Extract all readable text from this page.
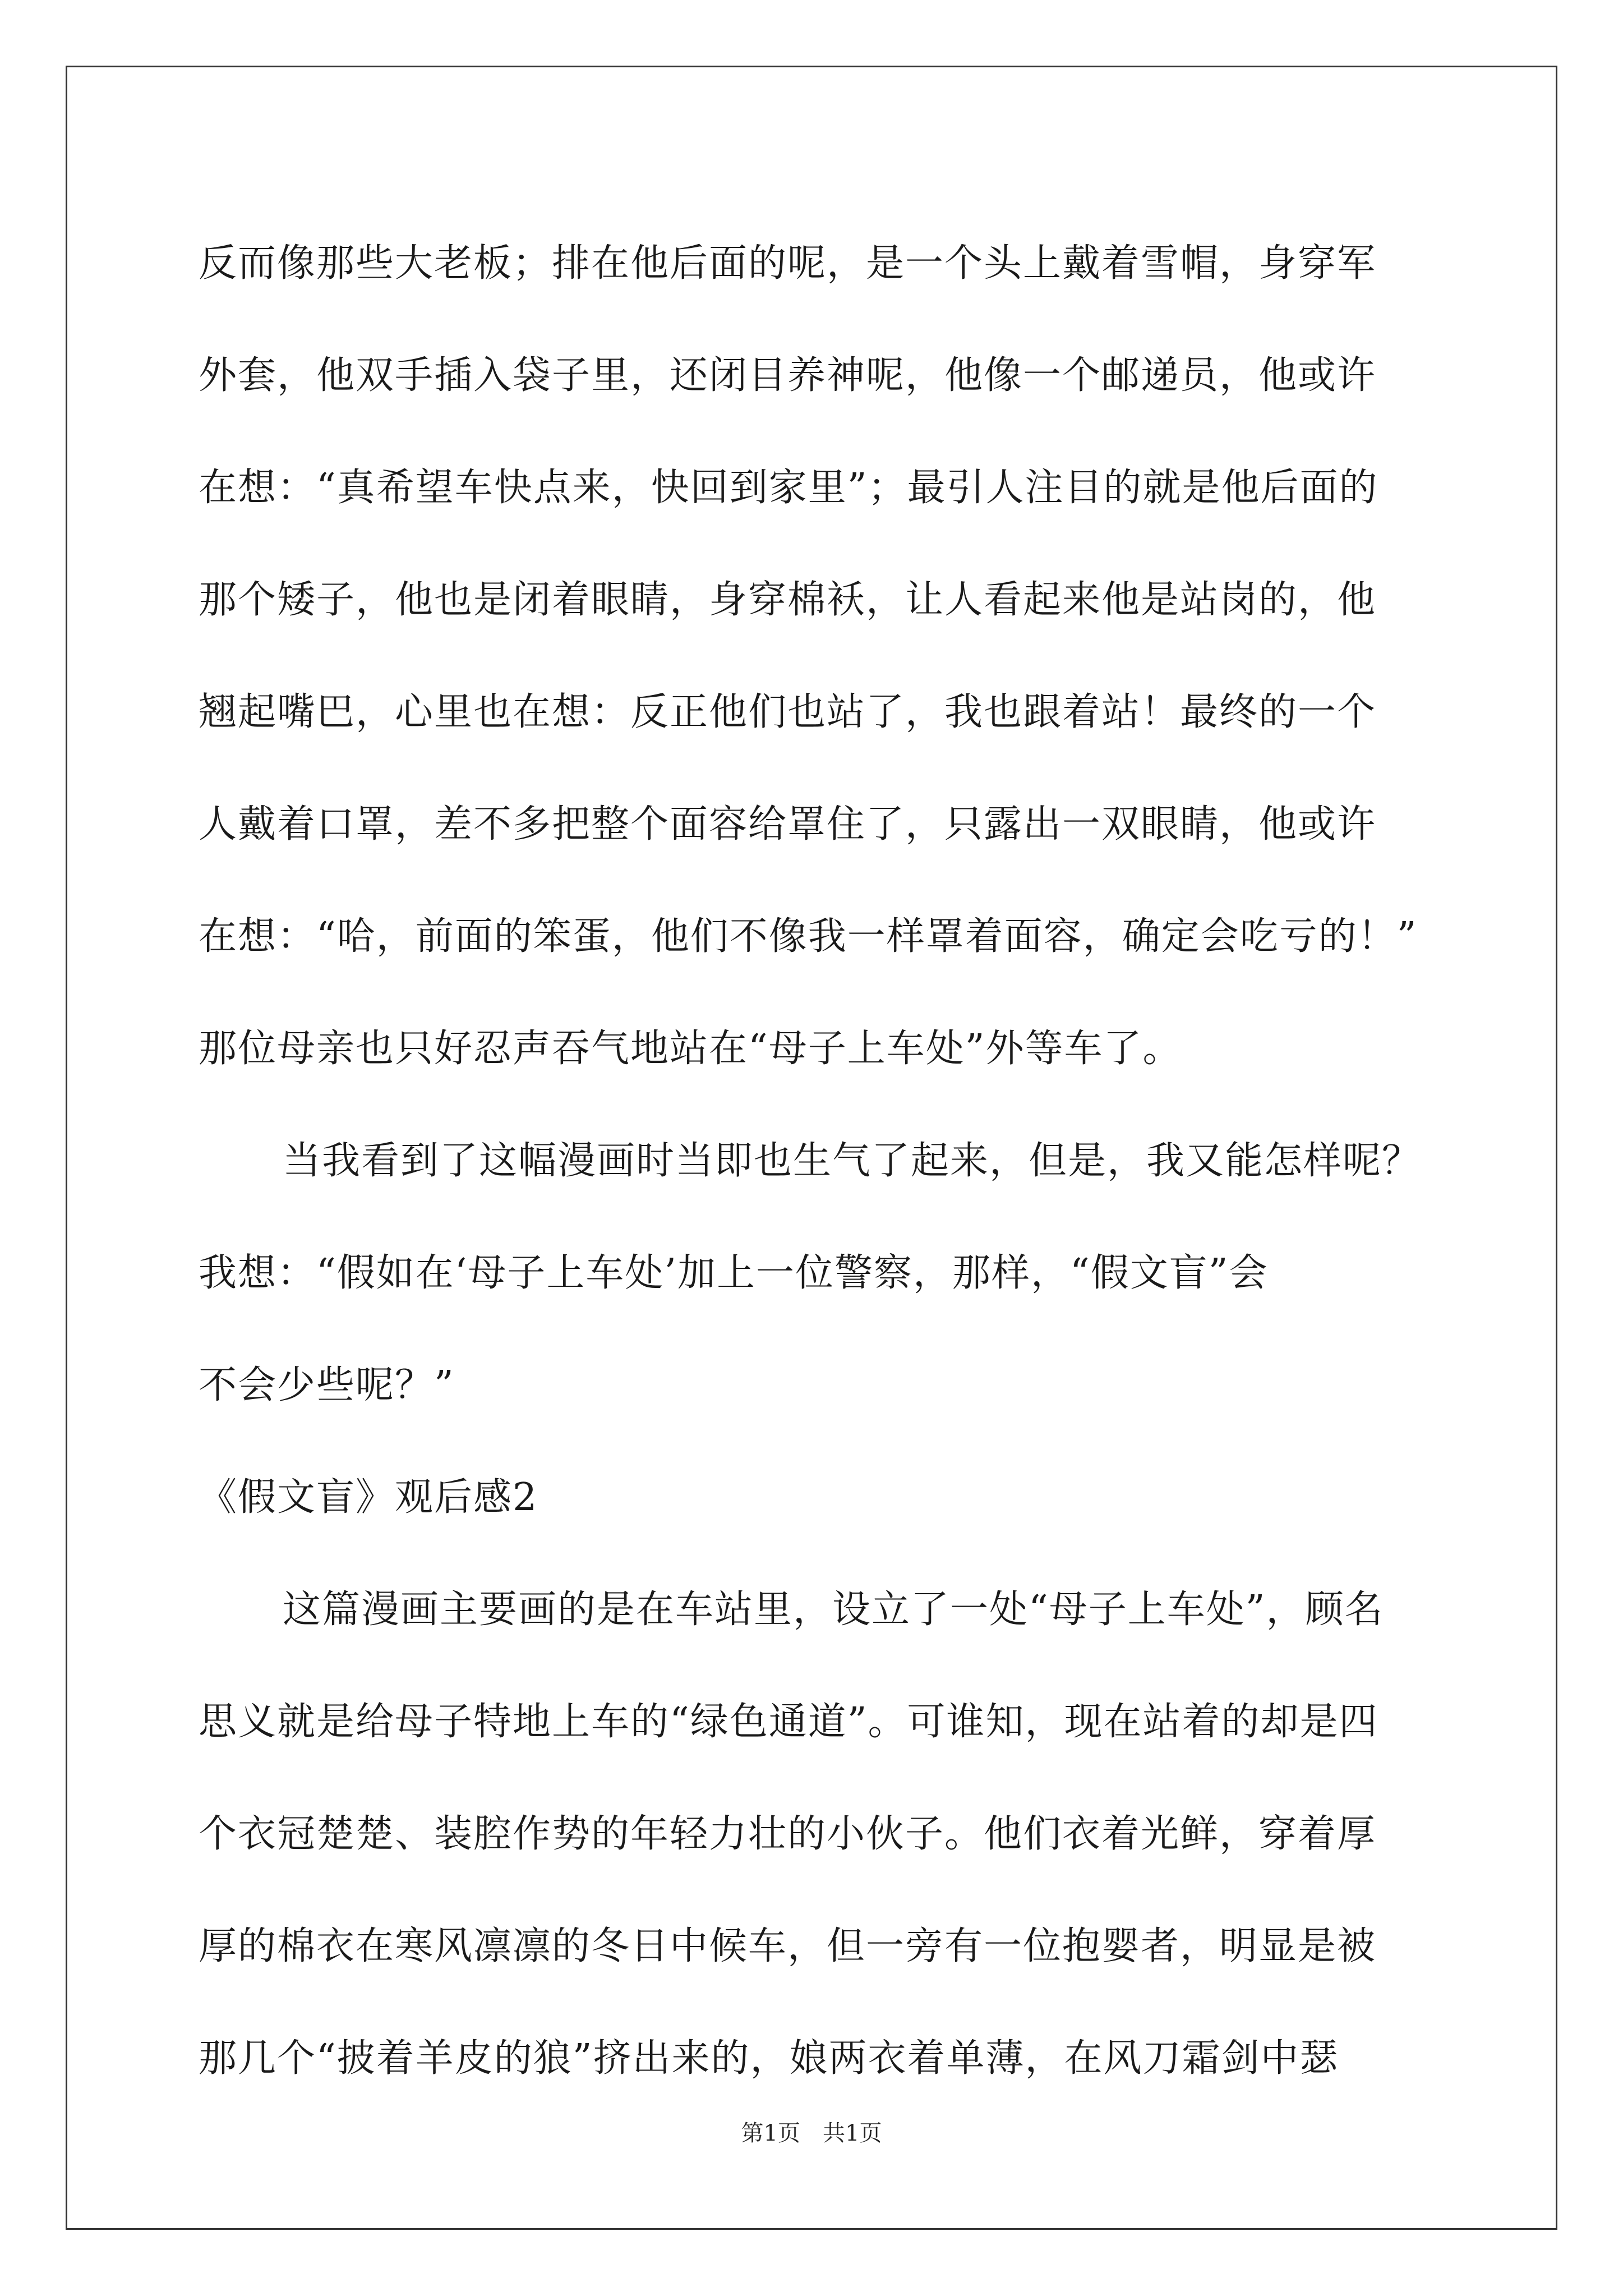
反而像那些大老板；排在他后面的呢，是一个头上戴着雪帽，身穿军

外套，他双手插入袋子里，还闭目养神呢，他像一个邮递员，他或许

在想：“真希望车快点来，快回到家里”；最引人注目的就是他后面的

那个矮子，他也是闭着眼睛，身穿棉袄，让人看起来他是站岗的，他

翘起嘴巴，心里也在想：反正他们也站了，我也跟着站！最终的一个

人戴着口罩，差不多把整个面容给罩住了，只露出一双眼睛，他或许

在想：“哈，前面的笨蛋，他们不像我一样罩着面容，确定会吃亏的！”

那位母亲也只好忍声吞气地站在“母子上车处”外等车了。

当我看到了这幅漫画时当即也生气了起来，但是，我又能怎样呢？

我想：“假如在‘母子上车处’加上一位警察，那样，“假文盲”会

不会少些呢？”

《假文盲》观后感2

这篇漫画主要画的是在车站里，设立了一处“母子上车处”，顾名

思义就是给母子特地上车的“绿色通道”。可谁知，现在站着的却是四

个衣冠楚楚、装腔作势的年轻力壮的小伙子。他们衣着光鲜，穿着厚

厚的棉衣在寒风凛凛的冬日中候车，但一旁有一位抱婴者，明显是被

那几个“披着羊皮的狼”挤出来的，娘两衣着单薄，在风刀霜剑中瑟

第1页　共1页
